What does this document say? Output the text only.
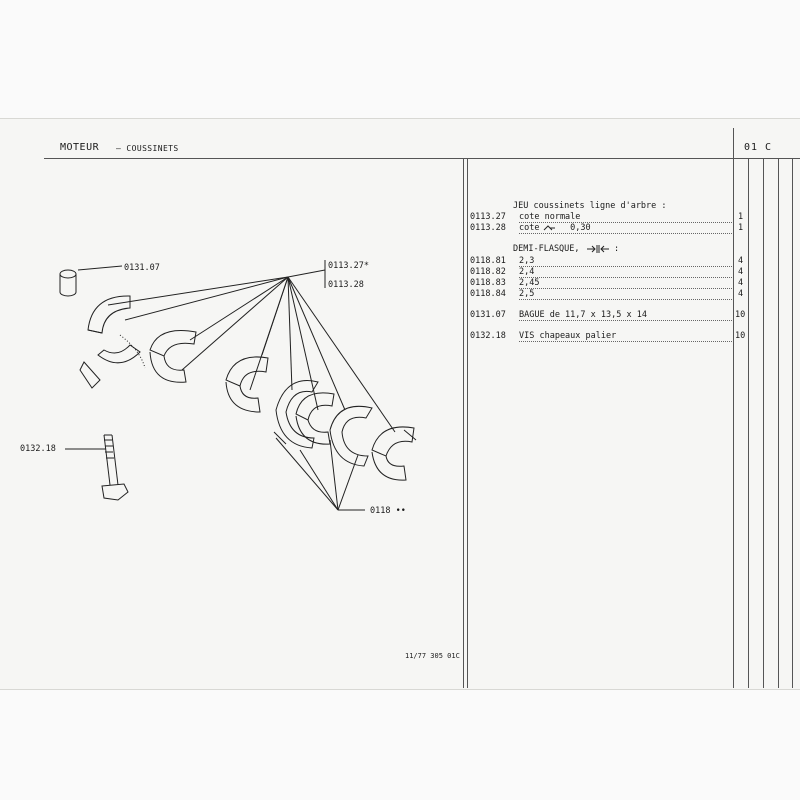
MOTEUR – COUSSINETS	01 C
JEU coussinets ligne d'arbre :
0113.27 cote normale	1
0113.28 cote      0,30	1
DEMI-FLASQUE,	:
0118.81 2,3	4
0118.82 2,4	4
0118.83 2,45	4
0118.84 2,5	4
0131.07 BAGUE de 11,7 x 13,5 x 14	10
0132.18 VIS chapeaux palier	10
0131.07	0113.27*
0113.28
0132.18
0118 ••
11/77 305 01C
